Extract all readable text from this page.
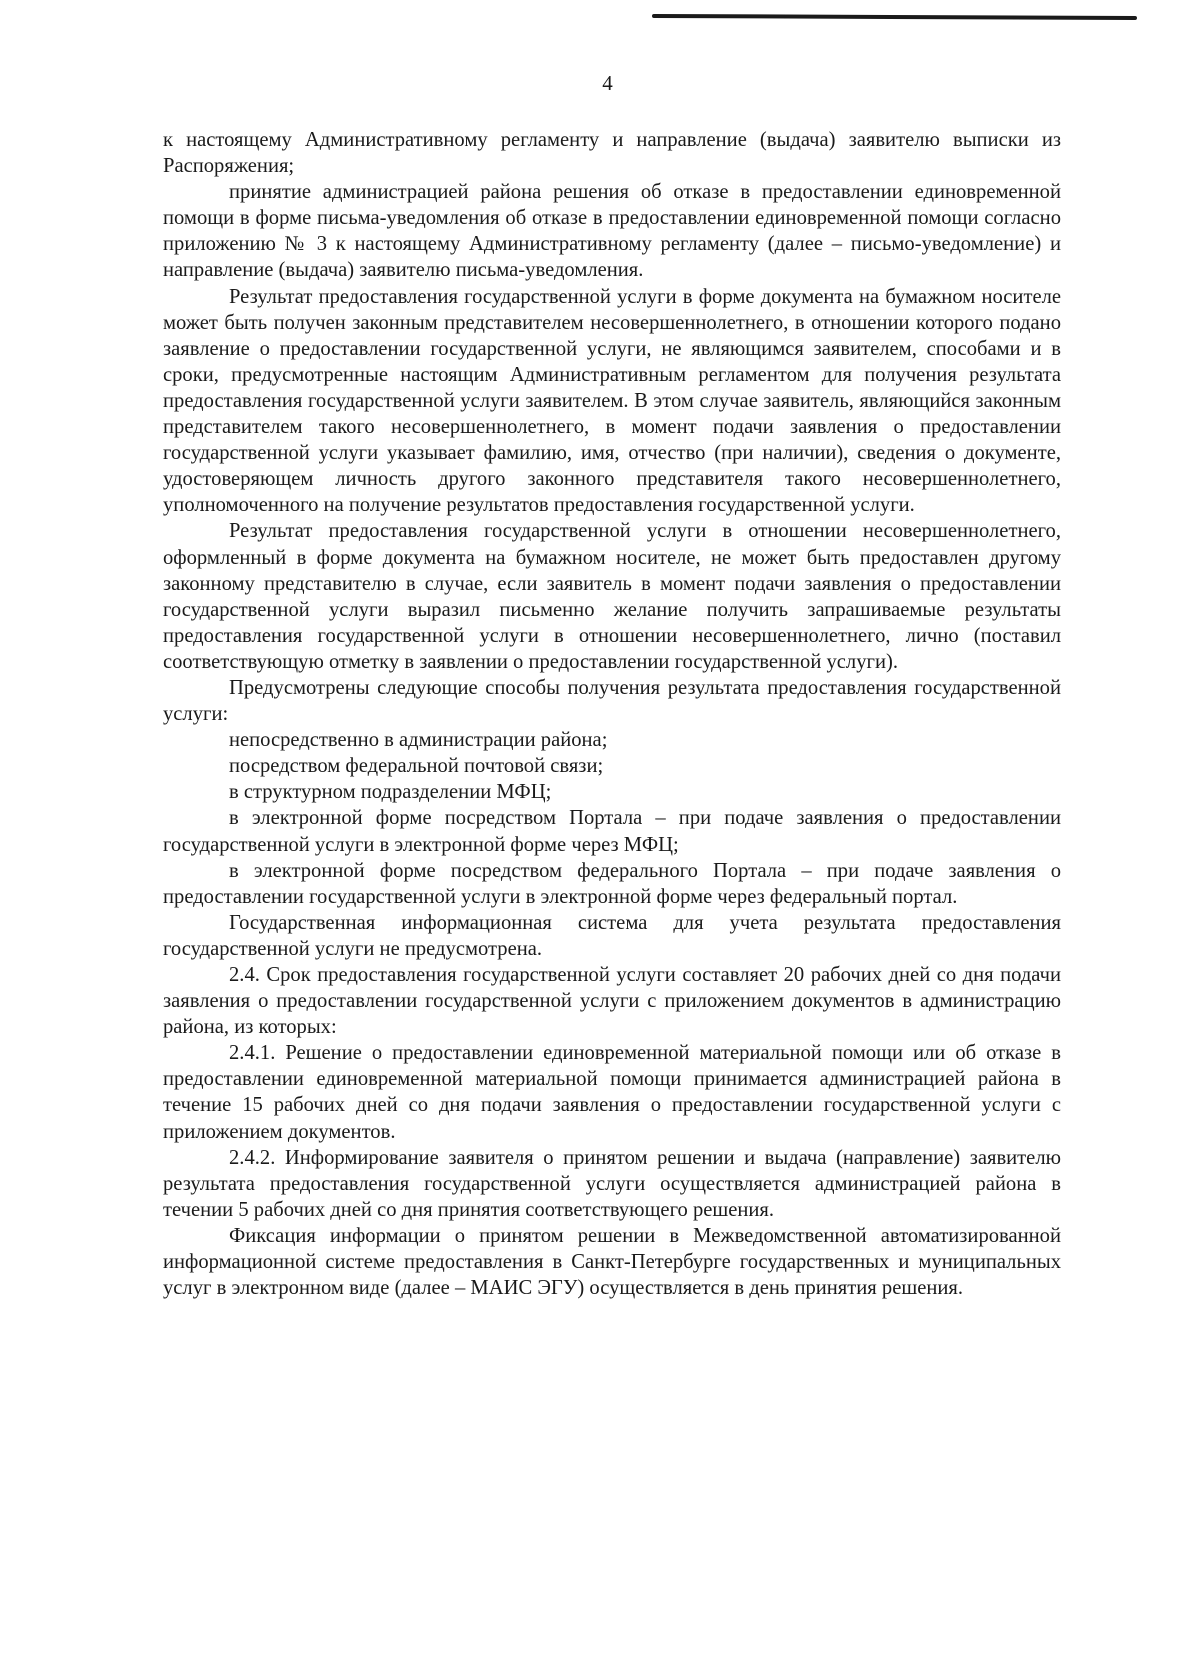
4

к настоящему Административному регламенту и направление (выдача) заявителю выписки из Распоряжения;

принятие администрацией района решения об отказе в предоставлении единовременной помощи в форме письма-уведомления об отказе в предоставлении единовременной помощи согласно приложению № 3 к настоящему Административному регламенту (далее – письмо-уведомление) и направление (выдача) заявителю письма-уведомления.

Результат предоставления государственной услуги в форме документа на бумажном носителе может быть получен законным представителем несовершеннолетнего, в отношении которого подано заявление о предоставлении государственной услуги, не являющимся заявителем, способами и в сроки, предусмотренные настоящим Административным регламентом для получения результата предоставления государственной услуги заявителем. В этом случае заявитель, являющийся законным представителем такого несовершеннолетнего, в момент подачи заявления о предоставлении государственной услуги указывает фамилию, имя, отчество (при наличии), сведения о документе, удостоверяющем личность другого законного представителя такого несовершеннолетнего, уполномоченного на получение результатов предоставления государственной услуги.

Результат предоставления государственной услуги в отношении несовершеннолетнего, оформленный в форме документа на бумажном носителе, не может быть предоставлен другому законному представителю в случае, если заявитель в момент подачи заявления о предоставлении государственной услуги выразил письменно желание получить запрашиваемые результаты предоставления государственной услуги в отношении несовершеннолетнего, лично (поставил соответствующую отметку в заявлении о предоставлении государственной услуги).

Предусмотрены следующие способы получения результата предоставления государственной услуги:

непосредственно в администрации района;

посредством федеральной почтовой связи;

в структурном подразделении МФЦ;

в электронной форме посредством Портала – при подаче заявления о предоставлении государственной услуги в электронной форме через МФЦ;

в электронной форме посредством федерального Портала – при подаче заявления о предоставлении государственной услуги в электронной форме через федеральный портал.

Государственная информационная система для учета результата предоставления государственной услуги не предусмотрена.

2.4. Срок предоставления государственной услуги составляет 20 рабочих дней со дня подачи заявления о предоставлении государственной услуги с приложением документов в администрацию района, из которых:

2.4.1. Решение о предоставлении единовременной материальной помощи или об отказе в предоставлении единовременной материальной помощи принимается администрацией района в течение 15 рабочих дней со дня подачи заявления о предоставлении государственной услуги с приложением документов.

2.4.2. Информирование заявителя о принятом решении и выдача (направление) заявителю результата предоставления государственной услуги осуществляется администрацией района в течении 5 рабочих дней со дня принятия соответствующего решения.

Фиксация информации о принятом решении в Межведомственной автоматизированной информационной системе предоставления в Санкт-Петербурге государственных и муниципальных услуг в электронном виде (далее – МАИС ЭГУ) осуществляется в день принятия решения.
